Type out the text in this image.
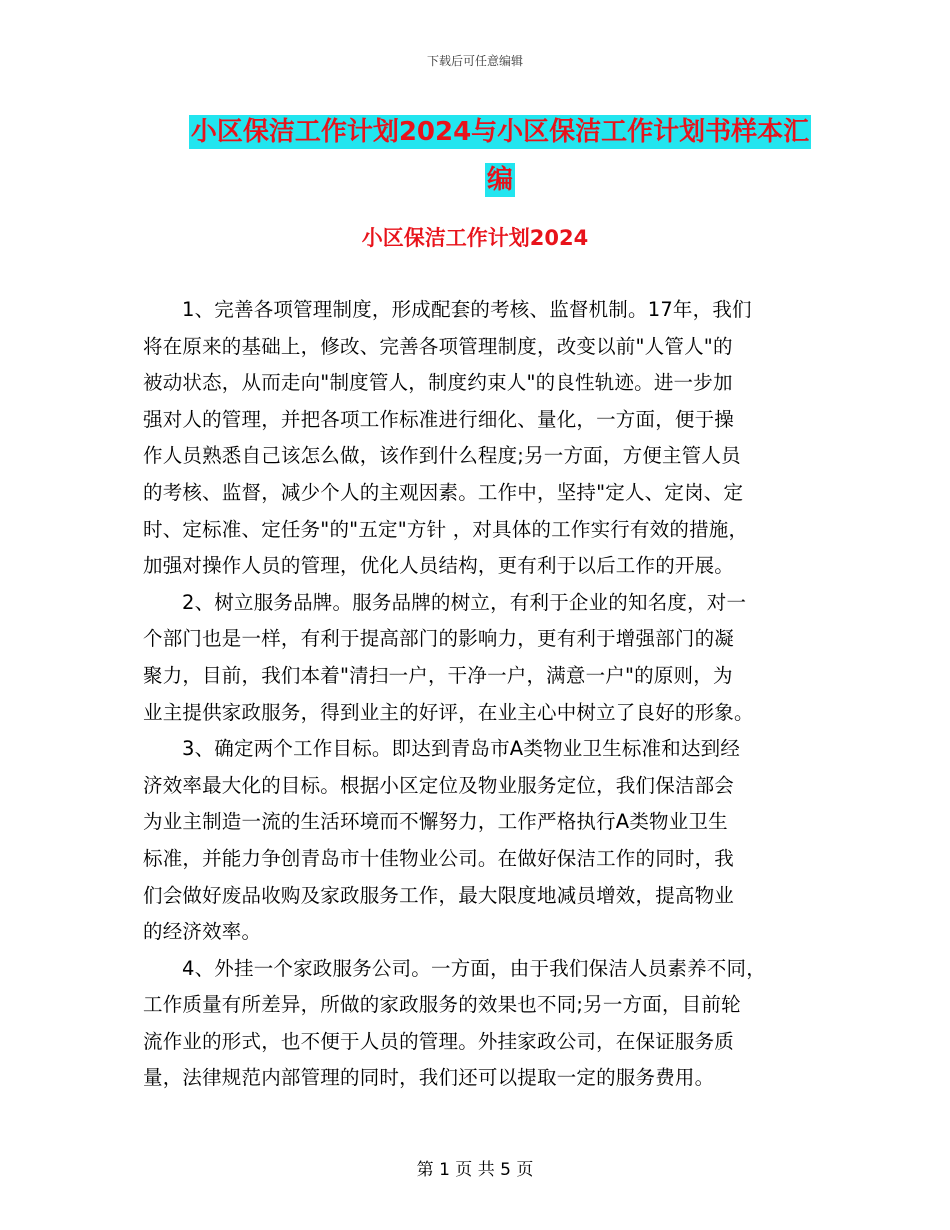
下载后可任意编辑
小区保洁工作计划2024与小区保洁工作计划书样本汇
编
小区保洁工作计划2024
1、完善各项管理制度，形成配套的考核、监督机制。17年，我们
将在原来的基础上，修改、完善各项管理制度，改变以前"人管人"的
被动状态，从而走向"制度管人，制度约束人"的良性轨迹。进一步加
强对人的管理，并把各项工作标准进行细化、量化，一方面，便于操
作人员熟悉自己该怎么做，该作到什么程度;另一方面，方便主管人员
的考核、监督，减少个人的主观因素。工作中，坚持"定人、定岗、定
时、定标准、定任务"的"五定"方针 ，对具体的工作实行有效的措施，
加强对操作人员的管理，优化人员结构，更有利于以后工作的开展。
2、树立服务品牌。服务品牌的树立，有利于企业的知名度，对一
个部门也是一样，有利于提高部门的影响力，更有利于增强部门的凝
聚力，目前，我们本着"清扫一户，干净一户，满意一户"的原则，为
业主提供家政服务，得到业主的好评，在业主心中树立了良好的形象。
3、确定两个工作目标。即达到青岛市A类物业卫生标准和达到经
济效率最大化的目标。根据小区定位及物业服务定位，我们保洁部会
为业主制造一流的生活环境而不懈努力，工作严格执行A类物业卫生
标准，并能力争创青岛市十佳物业公司。在做好保洁工作的同时，我
们会做好废品收购及家政服务工作，最大限度地减员增效，提高物业
的经济效率。
4、外挂一个家政服务公司。一方面，由于我们保洁人员素养不同，
工作质量有所差异，所做的家政服务的效果也不同;另一方面，目前轮
流作业的形式，也不便于人员的管理。外挂家政公司，在保证服务质
量，法律规范内部管理的同时，我们还可以提取一定的服务费用。
第 1 页 共 5 页
